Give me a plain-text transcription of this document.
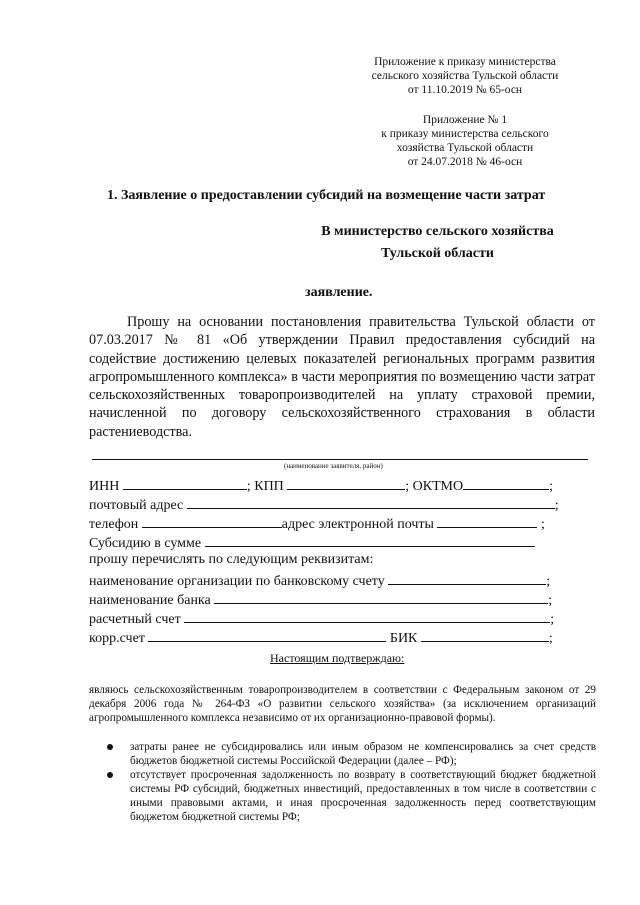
Приложение к приказу министерства
сельского хозяйства Тульской области
от 11.10.2019 № 65-осн
Приложение № 1
к приказу министерства сельского
хозяйства Тульской области
от 24.07.2018 № 46-осн
1. Заявление о предоставлении субсидий на возмещение части затрат
В министерство сельского хозяйства
Тульской области
заявление.
Прошу на основании постановления правительства Тульской области от 07.03.2017 № 81 «Об утверждении Правил предоставления субсидий на содействие достижению целевых показателей региональных программ развития агропромышленного комплекса» в части мероприятия по возмещению части затрат сельскохозяйственных товаропроизводителей на уплату страховой премии, начисленной по договору сельскохозяйственного страхования в области растениеводства.
(наименование заявителя, район)
ИНН	; КПП	; ОКТМО	;
почтовый адрес	;
телефон	адрес электронной почты	;
Субсидию в сумме
прошу перечислять по следующим реквизитам:
наименование организации по банковскому счету	;
наименование банка	;
расчетный счет	;
корр.счет	БИК	;
Настоящим подтверждаю:
являюсь сельскохозяйственным товаропроизводителем в соответствии с Федеральным законом от 29 декабря 2006 года № 264-ФЗ «О развитии сельского хозяйства» (за исключением организаций агропромышленного комплекса независимо от их организационно-правовой формы).
затраты ранее не субсидировались или иным образом не компенсировались за счет средств бюджетов бюджетной системы Российской Федерации (далее – РФ);
отсутствует просроченная задолженность по возврату в соответствующий бюджет бюджетной системы РФ субсидий, бюджетных инвестиций, предоставленных в том числе в соответствии с иными правовыми актами, и иная просроченная задолженность перед соответствующим бюджетом бюджетной системы РФ;
